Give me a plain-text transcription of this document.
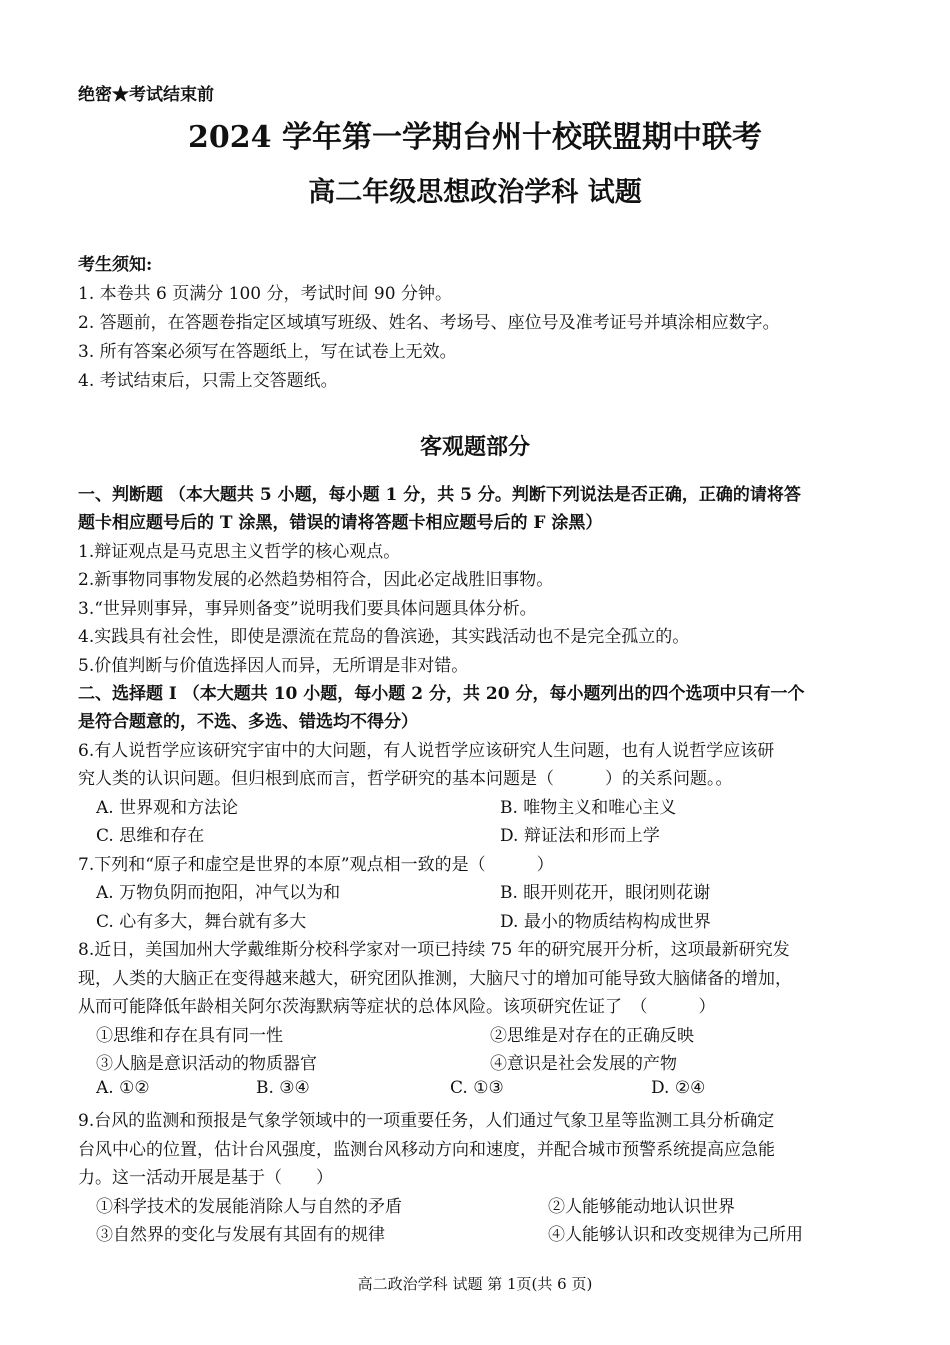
绝密★考试结束前
2024 学年第一学期台州十校联盟期中联考
高二年级思想政治学科 试题
考生须知:
1. 本卷共 6 页满分 100 分，考试时间 90 分钟。
2. 答题前，在答题卷指定区域填写班级、姓名、考场号、座位号及准考证号并填涂相应数字。
3. 所有答案必须写在答题纸上，写在试卷上无效。
4. 考试结束后，只需上交答题纸。
客观题部分
一、判断题 （本大题共 5 小题，每小题 1 分，共 5 分。判断下列说法是否正确，正确的请将答
题卡相应题号后的 T 涂黑，错误的请将答题卡相应题号后的 F 涂黑）
1.辩证观点是马克思主义哲学的核心观点。
2.新事物同事物发展的必然趋势相符合，因此必定战胜旧事物。
3.“世异则事异，事异则备变”说明我们要具体问题具体分析。
4.实践具有社会性，即使是漂流在荒岛的鲁滨逊，其实践活动也不是完全孤立的。
5.价值判断与价值选择因人而异，无所谓是非对错。
二、选择题 I （本大题共 10 小题，每小题 2 分，共 20 分，每小题列出的四个选项中只有一个
是符合题意的，不选、多选、错选均不得分）
6.有人说哲学应该研究宇宙中的大问题，有人说哲学应该研究人生问题，也有人说哲学应该研
究人类的认识问题。但归根到底而言，哲学研究的基本问题是（　　　）的关系问题。。
A. 世界观和方法论	B. 唯物主义和唯心主义
C. 思维和存在	D. 辩证法和形而上学
7.下列和“原子和虚空是世界的本原”观点相一致的是（　　　）
A. 万物负阴而抱阳，冲气以为和	B. 眼开则花开，眼闭则花谢
C. 心有多大，舞台就有多大	D. 最小的物质结构构成世界
8.近日，美国加州大学戴维斯分校科学家对一项已持续 75 年的研究展开分析，这项最新研究发
现，人类的大脑正在变得越来越大，研究团队推测，大脑尺寸的增加可能导致大脑储备的增加，
从而可能降低年龄相关阿尔茨海默病等症状的总体风险。该项研究佐证了　（　　　）
①思维和存在具有同一性	②思维是对存在的正确反映
③人脑是意识活动的物质器官	④意识是社会发展的产物
A. ①②	B. ③④	C. ①③	D. ②④
9.台风的监测和预报是气象学领域中的一项重要任务，人们通过气象卫星等监测工具分析确定
台风中心的位置，估计台风强度，监测台风移动方向和速度，并配合城市预警系统提高应急能
力。这一活动开展是基于（　　）
①科学技术的发展能消除人与自然的矛盾	②人能够能动地认识世界
③自然界的变化与发展有其固有的规律	④人能够认识和改变规律为己所用
高二政治学科 试题 第 1页(共 6 页)
